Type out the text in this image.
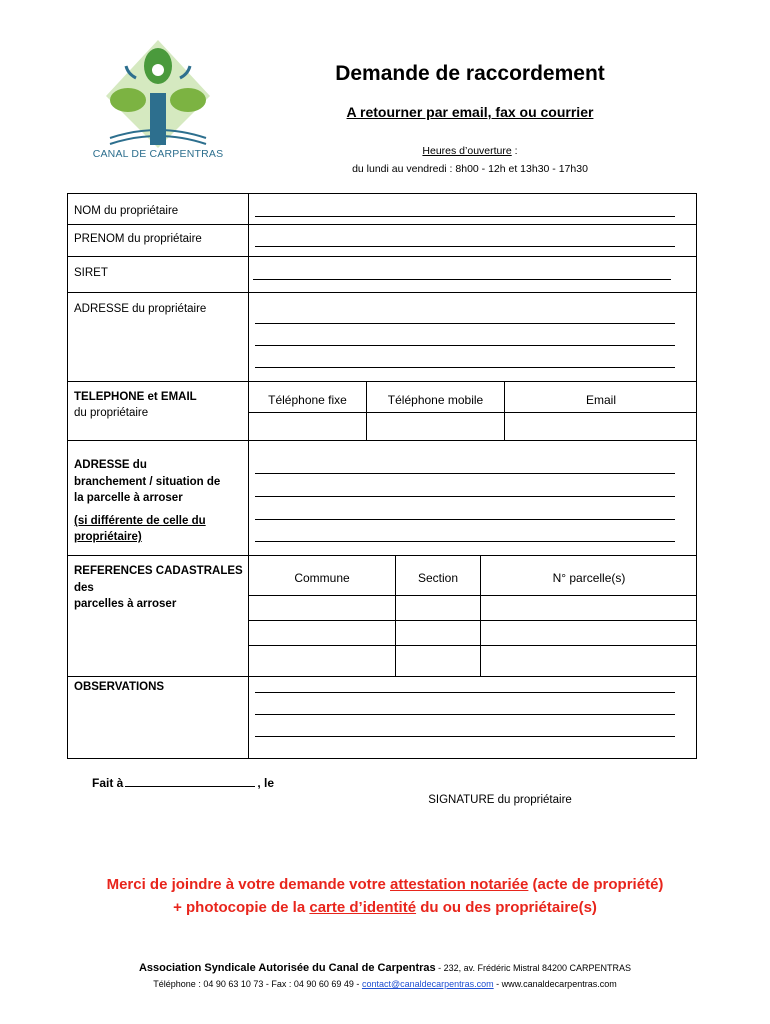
CANAL DE CARPENTRAS
Demande de raccordement
A retourner par email, fax ou courrier
Heures d’ouverture :
du lundi au vendredi : 8h00 - 12h et 13h30 - 17h30
NOM du propriétaire
PRENOM du propriétaire
SIRET
ADRESSE du propriétaire
TELEPHONE et EMAIL
du propriétaire
Téléphone fixe	Téléphone mobile	Email
ADRESSE du
branchement / situation de
la parcelle à arroser
(si différente de celle du
propriétaire)
REFERENCES CADASTRALES
des
parcelles à arroser
Commune	Section	N° parcelle(s)
OBSERVATIONS
Fait à	, le
SIGNATURE du propriétaire
Merci de joindre à votre demande votre attestation notariée (acte de propriété)
+ photocopie de la carte d’identité du ou des propriétaire(s)
Association Syndicale Autorisée du Canal de Carpentras - 232, av. Frédéric Mistral 84200 CARPENTRAS
Téléphone : 04 90 63 10 73 - Fax : 04 90 60 69 49 - contact@canaldecarpentras.com - www.canaldecarpentras.com
